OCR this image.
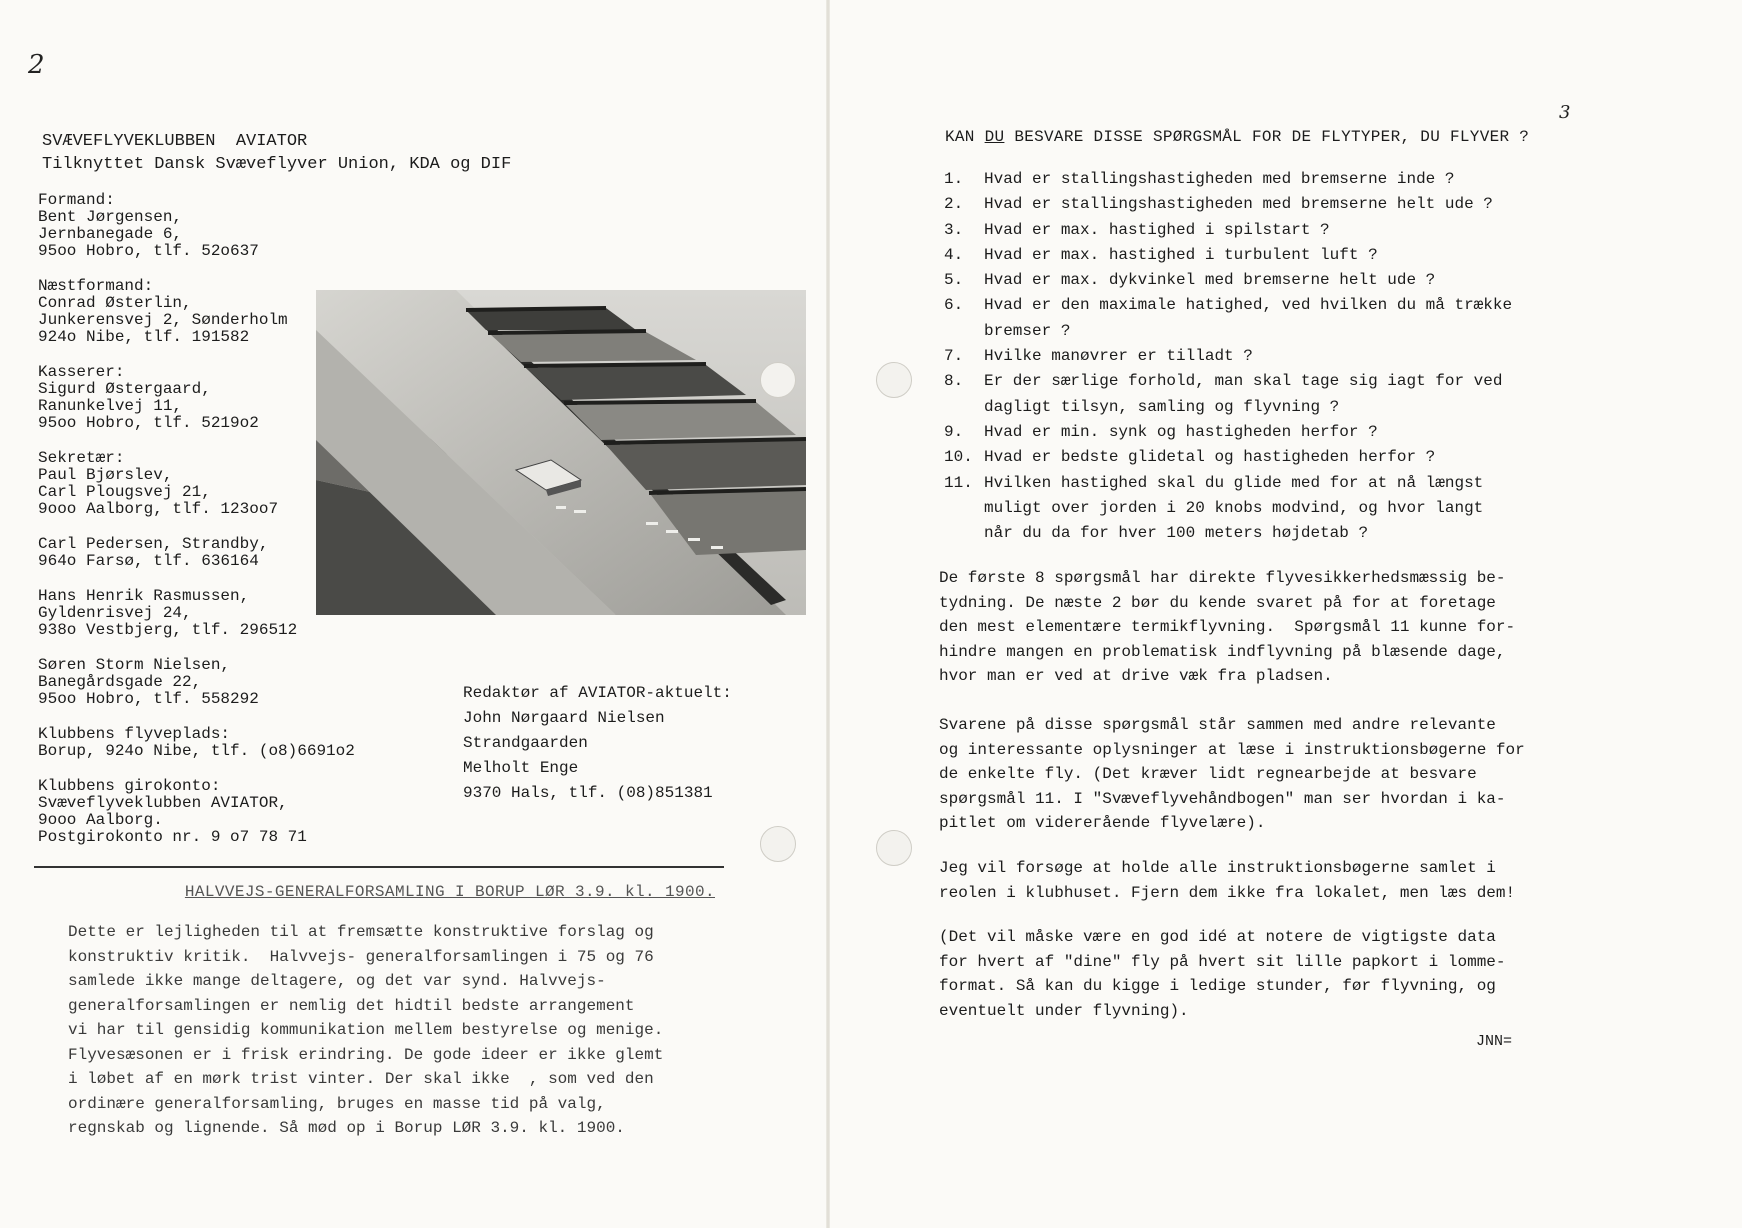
2
SVÆVEFLYVEKLUBBEN  AVIATOR
Tilknyttet Dansk Svæveflyver Union, KDA og DIF
Formand:
Bent Jørgensen,
Jernbanegade 6,
95oo Hobro, tlf. 52o637
Næstformand:
Conrad Østerlin,
Junkerensvej 2, Sønderholm
924o Nibe, tlf. 191582
Kasserer:
Sigurd Østergaard,
Ranunkelvej 11,
95oo Hobro, tlf. 5219o2
Sekretær:
Paul Bjørslev,
Carl Plougsvej 21,
9ooo Aalborg, tlf. 123oo7
Carl Pedersen, Strandby,
964o Farsø, tlf. 636164
Hans Henrik Rasmussen,
Gyldenrisvej 24,
938o Vestbjerg, tlf. 296512
Søren Storm Nielsen,
Banegårdsgade 22,
95oo Hobro, tlf. 558292
Klubbens flyveplads:
Borup, 924o Nibe, tlf. (o8)6691o2
Klubbens girokonto:
Svæveflyveklubben AVIATOR,
9ooo Aalborg.
Postgirokonto nr. 9 o7 78 71
Redaktør af AVIATOR-aktuelt:
John Nørgaard Nielsen
Strandgaarden
Melholt Enge
9370 Hals, tlf. (08)851381
HALVVEJS-GENERALFORSAMLING I BORUP LØR 3.9. kl. 1900.
Dette er lejligheden til at fremsætte konstruktive forslag og
konstruktiv kritik.  Halvvejs- generalforsamlingen i 75 og 76
samlede ikke mange deltagere, og det var synd. Halvvejs-
generalforsamlingen er nemlig det hidtil bedste arrangement
vi har til gensidig kommunikation mellem bestyrelse og menige.
Flyvesæsonen er i frisk erindring. De gode ideer er ikke glemt
i løbet af en mørk trist vinter. Der skal ikke  , som ved den
ordinære generalforsamling, bruges en masse tid på valg,
regnskab og lignende. Så mød op i Borup LØR 3.9. kl. 1900.
3
KAN DU BESVARE DISSE SPØRGSMÅL FOR DE FLYTYPER, DU FLYVER ?
1.	Hvad er stallingshastigheden med bremserne inde ?
2.	Hvad er stallingshastigheden med bremserne helt ude ?
3.	Hvad er max. hastighed i spilstart ?
4.	Hvad er max. hastighed i turbulent luft ?
5.	Hvad er max. dykvinkel med bremserne helt ude ?
6.	Hvad er den maximale hatighed, ved hvilken du må trække
bremser ?
7.	Hvilke manøvrer er tilladt ?
8.	Er der særlige forhold, man skal tage sig iagt for ved
dagligt tilsyn, samling og flyvning ?
9.	Hvad er min. synk og hastigheden herfor ?
10. Hvad er bedste glidetal og hastigheden herfor ?
11. Hvilken hastighed skal du glide med for at nå længst
muligt over jorden i 20 knobs modvind, og hvor langt
når du da for hver 100 meters højdetab ?
De første 8 spørgsmål har direkte flyvesikkerhedsmæssig be-
tydning. De næste 2 bør du kende svaret på for at foretage
den mest elementære termikflyvning.  Spørgsmål 11 kunne for-
hindre mangen en problematisk indflyvning på blæsende dage,
hvor man er ved at drive væk fra pladsen.
Svarene på disse spørgsmål står sammen med andre relevante
og interessante oplysninger at læse i instruktionsbøgerne for
de enkelte fly. (Det kræver lidt regnearbejde at besvare
spørgsmål 11. I "Svæveflyvehåndbogen" man ser hvordan i ka-
pitlet om viderегående flyvelære).
Jeg vil forsøge at holde alle instruktionsbøgerne samlet i
reolen i klubhuset. Fjern dem ikke fra lokalet, men læs dem!
(Det vil måske være en god idé at notere de vigtigste data
for hvert af "dine" fly på hvert sit lille papkort i lomme-
format. Så kan du kigge i ledige stunder, før flyvning, og
eventuelt under flyvning).
JNN=
